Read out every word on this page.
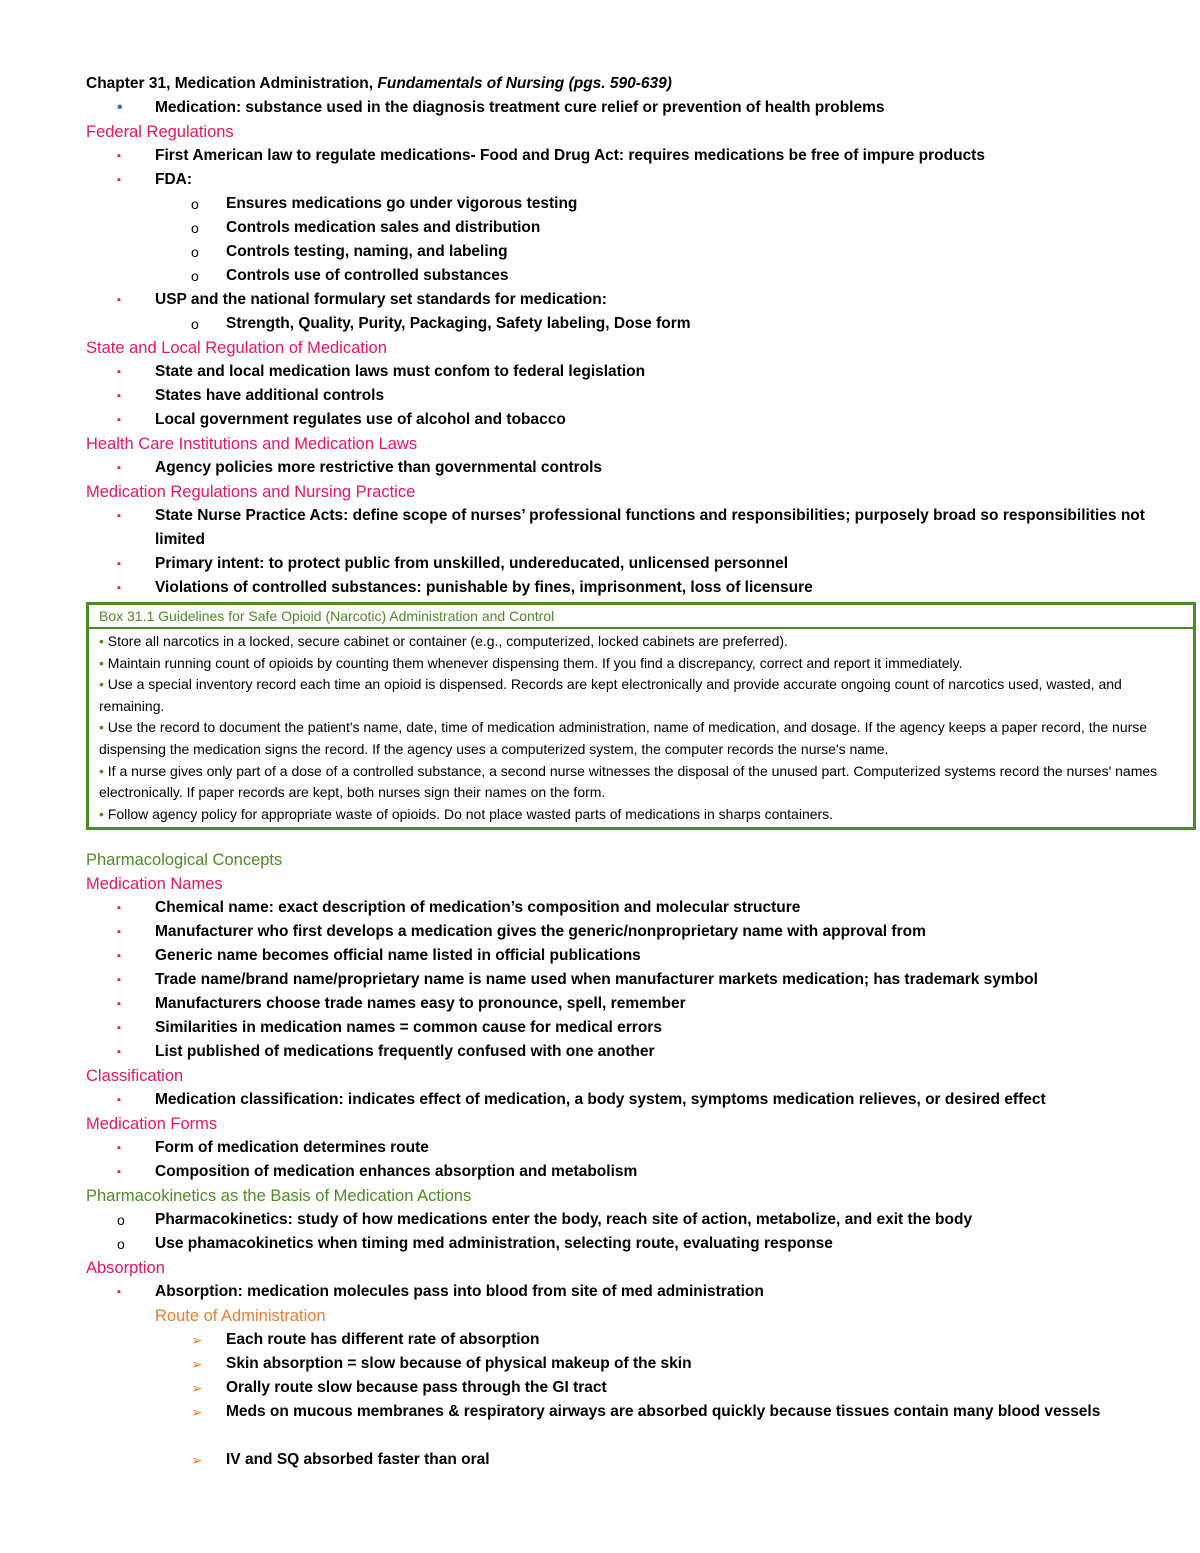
Chapter 31, Medication Administration, Fundamentals of Nursing (pgs. 590-639)
• Medication: substance used in the diagnosis treatment cure relief or prevention of health problems
Federal Regulations
▪ First American law to regulate medications- Food and Drug Act: requires medications be free of impure products
▪ FDA:
o Ensures medications go under vigorous testing
o Controls medication sales and distribution
o Controls testing, naming, and labeling
o Controls use of controlled substances
▪ USP and the national formulary set standards for medication:
o Strength, Quality, Purity, Packaging, Safety labeling, Dose form
State and Local Regulation of Medication
▪ State and local medication laws must confom to federal legislation
▪ States have additional controls
▪ Local government regulates use of alcohol and tobacco
Health Care Institutions and Medication Laws
▪ Agency policies more restrictive than governmental controls
Medication Regulations and Nursing Practice
▪ State Nurse Practice Acts: define scope of nurses’ professional functions and responsibilities; purposely broad so responsibilities not limited
▪ Primary intent: to protect public from unskilled, undereducated, unlicensed personnel
▪ Violations of controlled substances: punishable by fines, imprisonment, loss of licensure
Box 31.1 Guidelines for Safe Opioid (Narcotic) Administration and Control

• Store all narcotics in a locked, secure cabinet or container (e.g., computerized, locked cabinets are preferred).

• Maintain running count of opioids by counting them whenever dispensing them. If you find a discrepancy, correct and report it immediately.

• Use a special inventory record each time an opioid is dispensed. Records are kept electronically and provide accurate ongoing count of narcotics used, wasted, and remaining.

• Use the record to document the patient's name, date, time of medication administration, name of medication, and dosage. If the agency keeps a paper record, the nurse dispensing the medication signs the record. If the agency uses a computerized system, the computer records the nurse's name.

• If a nurse gives only part of a dose of a controlled substance, a second nurse witnesses the disposal of the unused part. Computerized systems record the nurses' names electronically. If paper records are kept, both nurses sign their names on the form.

• Follow agency policy for appropriate waste of opioids. Do not place wasted parts of medications in sharps containers.

Pharmacological Concepts
Medication Names
▪ Chemical name: exact description of medication’s composition and molecular structure
▪ Manufacturer who first develops a medication gives the generic/nonproprietary name with approval from
▪ Generic name becomes official name listed in official publications
▪ Trade name/brand name/proprietary name is name used when manufacturer markets medication; has trademark symbol
▪ Manufacturers choose trade names easy to pronounce, spell, remember
▪ Similarities in medication names = common cause for medical errors
▪ List published of medications frequently confused with one another
Classification
▪ Medication classification: indicates effect of medication, a body system, symptoms medication relieves, or desired effect
Medication Forms
▪ Form of medication determines route
▪ Composition of medication enhances absorption and metabolism
Pharmacokinetics as the Basis of Medication Actions
o Pharmacokinetics: study of how medications enter the body, reach site of action, metabolize, and exit the body
o Use phamacokinetics when timing med administration, selecting route, evaluating response
Absorption
▪ Absorption: medication molecules pass into blood from site of med administration
Route of Administration
➢ Each route has different rate of absorption
➢ Skin absorption = slow because of physical makeup of the skin
➢ Orally route slow because pass through the GI tract
➢ Meds on mucous membranes & respiratory airways are absorbed quickly because tissues contain many blood vessels
➢ IV and SQ absorbed faster than oral
